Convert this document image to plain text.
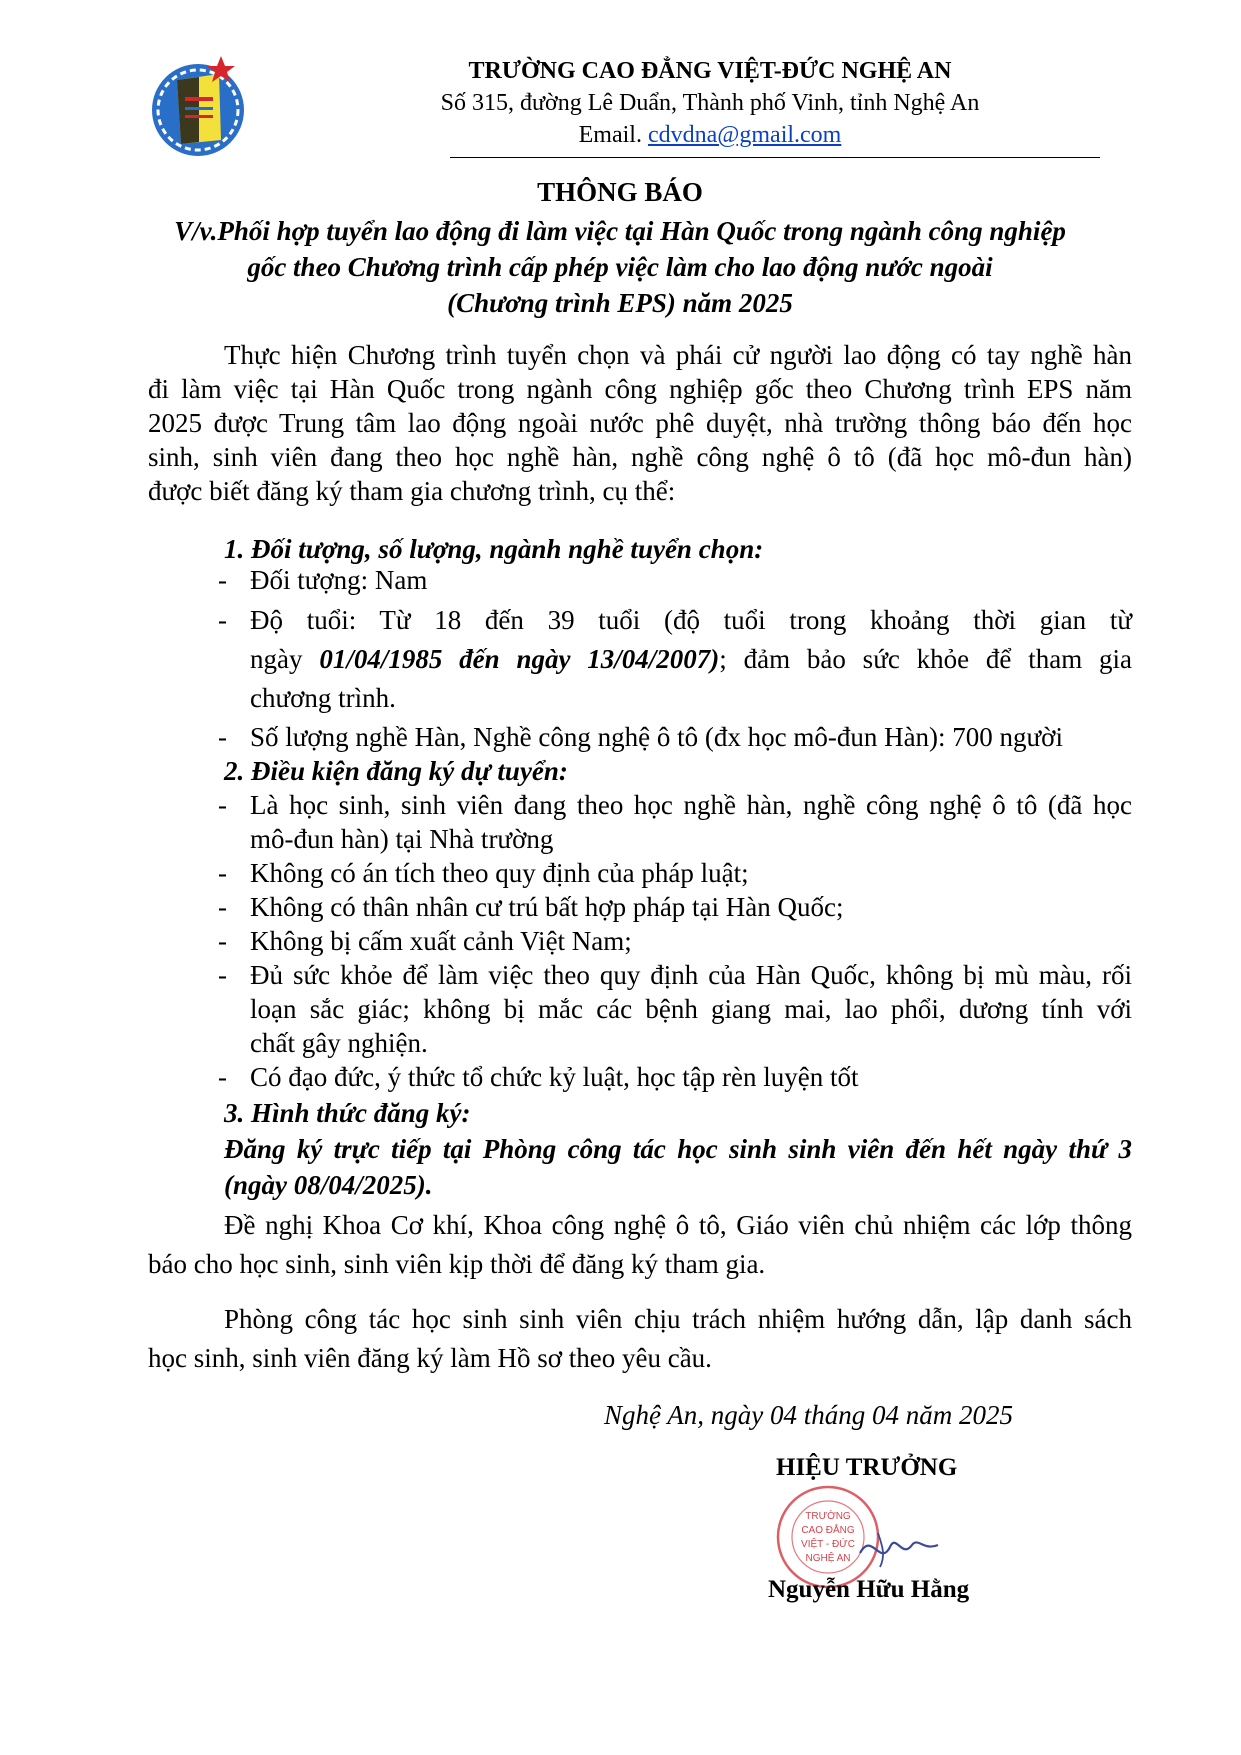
TRƯỜNG CAO ĐẲNG VIỆT-ĐỨC NGHỆ AN
Số 315, đường Lê Duẩn, Thành phố Vinh, tỉnh Nghệ An
Email. cdvdna@gmail.com
THÔNG BÁO
V/v.Phối hợp tuyển lao động đi làm việc tại Hàn Quốc trong ngành công nghiệp
gốc theo Chương trình cấp phép việc làm cho lao động nước ngoài
(Chương trình EPS) năm 2025
Thực hiện Chương trình tuyển chọn và phái cử người lao động có tay nghề hàn
đi làm việc tại Hàn Quốc trong ngành công nghiệp gốc theo Chương trình EPS năm
2025 được Trung tâm lao động ngoài nước phê duyệt, nhà trường thông báo đến học
sinh, sinh viên đang theo học nghề hàn, nghề công nghệ ô tô (đã học mô-đun hàn)
được biết đăng ký tham gia chương trình, cụ thể:
1. Đối tượng, số lượng, ngành nghề tuyển chọn:
- Đối tượng: Nam
- Độ tuổi: Từ 18 đến 39 tuổi (độ tuổi trong khoảng thời gian từ
ngày 01/04/1985 đến ngày 13/04/2007); đảm bảo sức khỏe để tham gia
chương trình.
- Số lượng nghề Hàn, Nghề công nghệ ô tô (đx học mô-đun Hàn): 700 người
2. Điều kiện đăng ký dự tuyển:
- Là học sinh, sinh viên đang theo học nghề hàn, nghề công nghệ ô tô (đã học
mô-đun hàn) tại Nhà trường
- Không có án tích theo quy định của pháp luật;
- Không có thân nhân cư trú bất hợp pháp tại Hàn Quốc;
- Không bị cấm xuất cảnh Việt Nam;
- Đủ sức khỏe để làm việc theo quy định của Hàn Quốc, không bị mù màu, rối
loạn sắc giác; không bị mắc các bệnh giang mai, lao phổi, dương tính với
chất gây nghiện.
- Có đạo đức, ý thức tổ chức kỷ luật, học tập rèn luyện tốt
3. Hình thức đăng ký:
Đăng ký trực tiếp tại Phòng công tác học sinh sinh viên đến hết ngày thứ 3
(ngày 08/04/2025).
Đề nghị Khoa Cơ khí, Khoa công nghệ ô tô, Giáo viên chủ nhiệm các lớp thông
báo cho học sinh, sinh viên kịp thời để đăng ký tham gia.
Phòng công tác học sinh sinh viên chịu trách nhiệm hướng dẫn, lập danh sách
học sinh, sinh viên đăng ký làm Hồ sơ theo yêu cầu.
Nghệ An, ngày 04 tháng 04 năm 2025
HIỆU TRƯỞNG
TRƯỜNG
CAO ĐẲNG
VIỆT - ĐỨC
NGHỆ AN
Nguyễn Hữu Hằng
